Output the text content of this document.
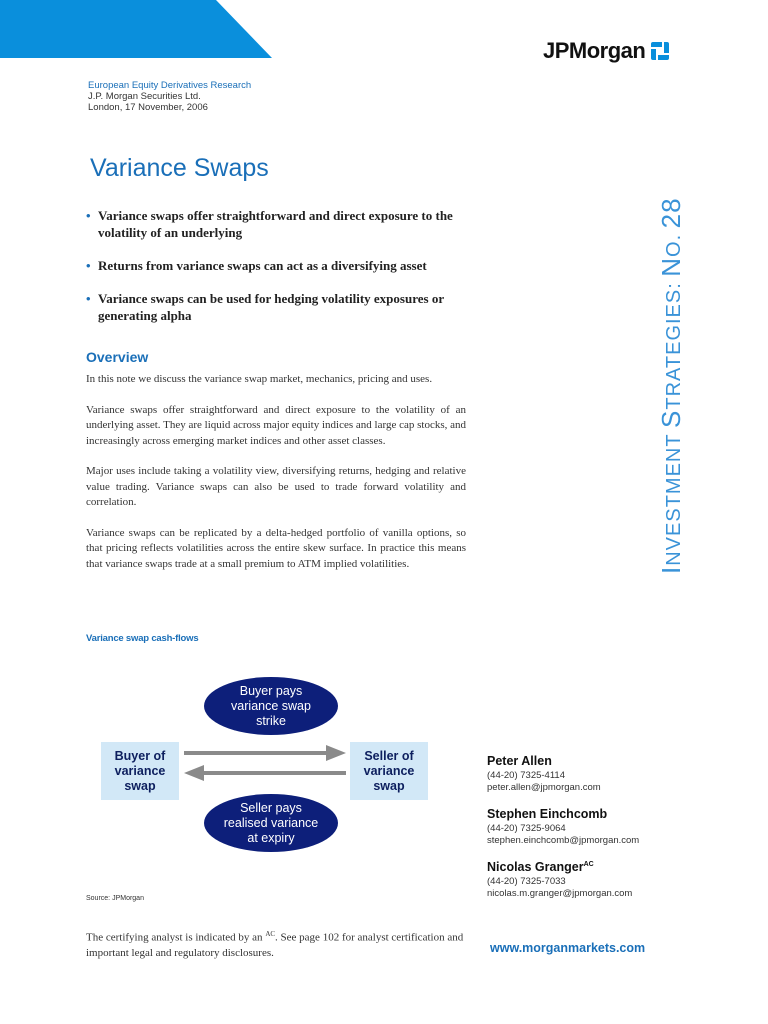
JPMorgan
European Equity Derivatives Research
J.P. Morgan Securities Ltd.
London, 17 November, 2006
Variance Swaps
• Variance swaps offer straightforward and direct exposure to the volatility of an underlying
• Returns from variance swaps can act as a diversifying asset
• Variance swaps can be used for hedging volatility exposures or generating alpha
Overview

In this note we discuss the variance swap market, mechanics, pricing and uses.

Variance swaps offer straightforward and direct exposure to the volatility of an underlying asset. They are liquid across major equity indices and large cap stocks, and increasingly across emerging market indices and other asset classes.

Major uses include taking a volatility view, diversifying returns, hedging and relative value trading. Variance swaps can also be used to trade forward volatility and correlation.

Variance swaps can be replicated by a delta-hedged portfolio of vanilla options, so that pricing reflects volatilities across the entire skew surface. In practice this means that variance swaps trade at a small premium to ATM implied volatilities.

Variance swap cash-flows
Buyer pays
variance swap
strike
Buyer of
variance
swap
Seller of
variance
swap
Seller pays
realised variance
at expiry
Source: JPMorgan
The certifying analyst is indicated by an $^{AC}$. See page 102 for analyst certification and important legal and regulatory disclosures.
INVESTMENT STRATEGIES: NO. 28
Peter Allen
(44-20) 7325-4114
peter.allen@jpmorgan.com
Stephen Einchcomb
(44-20) 7325-9064
stephen.einchcomb@jpmorgan.com
Nicolas Granger$^{AC}$
(44-20) 7325-7033
nicolas.m.granger@jpmorgan.com
www.morganmarkets.com
